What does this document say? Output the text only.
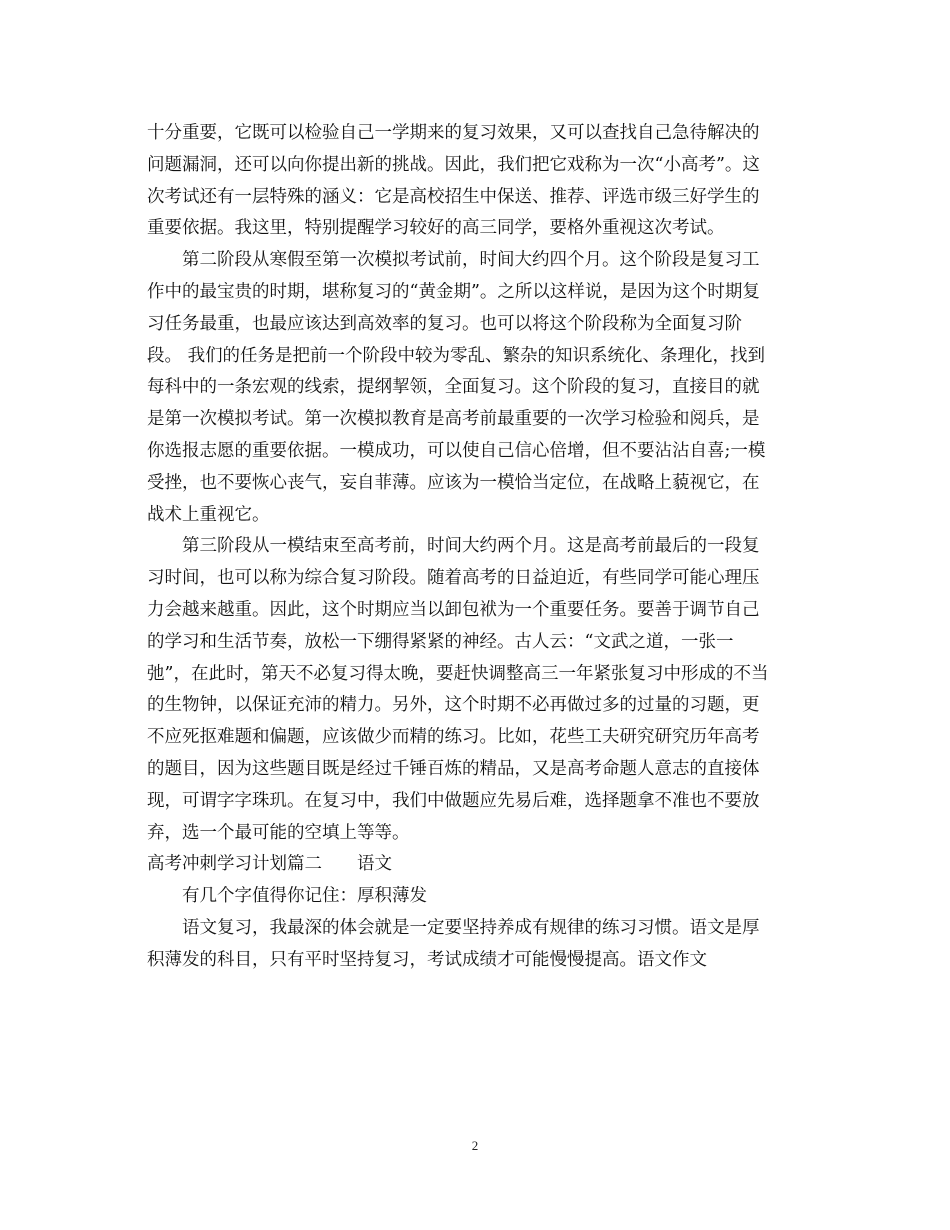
十分重要，它既可以检验自己一学期来的复习效果，又可以查找自己急待解决的
问题漏洞，还可以向你提出新的挑战。因此，我们把它戏称为一次“小高考”。这
次考试还有一层特殊的涵义：它是高校招生中保送、推荐、评选市级三好学生的
重要依据。我这里，特别提醒学习较好的高三同学，要格外重视这次考试。
第二阶段从寒假至第一次模拟考试前，时间大约四个月。这个阶段是复习工
作中的最宝贵的时期，堪称复习的“黄金期”。之所以这样说，是因为这个时期复
习任务最重，也最应该达到高效率的复习。也可以将这个阶段称为全面复习阶
段。 我们的任务是把前一个阶段中较为零乱、繁杂的知识系统化、条理化，找到
每科中的一条宏观的线索，提纲挈领，全面复习。这个阶段的复习，直接目的就
是第一次模拟考试。第一次模拟教育是高考前最重要的一次学习检验和阅兵，是
你选报志愿的重要依据。一模成功，可以使自己信心倍增，但不要沾沾自喜;一模
受挫，也不要恢心丧气，妄自菲薄。应该为一模恰当定位，在战略上藐视它，在
战术上重视它。
第三阶段从一模结束至高考前，时间大约两个月。这是高考前最后的一段复
习时间，也可以称为综合复习阶段。随着高考的日益迫近，有些同学可能心理压
力会越来越重。因此，这个时期应当以卸包袱为一个重要任务。要善于调节自己
的学习和生活节奏，放松一下绷得紧紧的神经。古人云：“文武之道，一张一
弛”，在此时，第天不必复习得太晚，要赶快调整高三一年紧张复习中形成的不当
的生物钟，以保证充沛的精力。另外，这个时期不必再做过多的过量的习题，更
不应死抠难题和偏题，应该做少而精的练习。比如，花些工夫研究研究历年高考
的题目，因为这些题目既是经过千锤百炼的精品，又是高考命题人意志的直接体
现，可谓字字珠玑。在复习中，我们中做题应先易后难，选择题拿不准也不要放
弃，选一个最可能的空填上等等。
高考冲刺学习计划篇二　　语文
有几个字值得你记住：厚积薄发
语文复习，我最深的体会就是一定要坚持养成有规律的练习习惯。语文是厚
积薄发的科目，只有平时坚持复习，考试成绩才可能慢慢提高。语文作文
2
